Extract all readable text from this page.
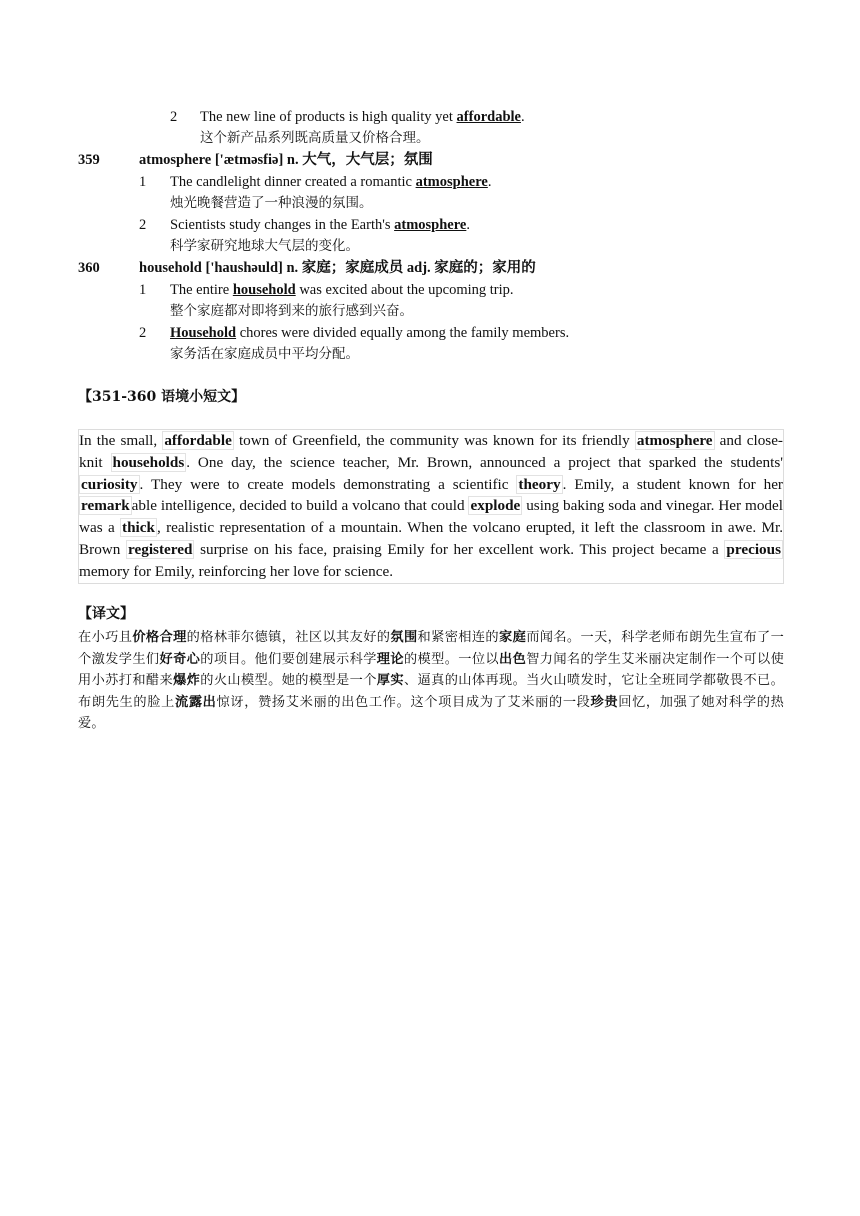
2 The new line of products is high quality yet affordable.
这个新产品系列既高质量又价格合理。
359	atmosphere ['ætməsfiə] n. 大气，大气层；氛围
1 The candlelight dinner created a romantic atmosphere.
烛光晚餐营造了一种浪漫的氛围。
2 Scientists study changes in the Earth's atmosphere.
科学家研究地球大气层的变化。
360	household ['haushəuld] n. 家庭；家庭成员 adj. 家庭的；家用的
1 The entire household was excited about the upcoming trip.
整个家庭都对即将到来的旅行感到兴奋。
2 Household chores were divided equally among the family members.
家务活在家庭成员中平均分配。
【351-360 语境小短文】
In the small, affordable town of Greenfield, the community was known for its friendly atmosphere and close-knit households . One day, the science teacher, Mr. Brown, announced a project that sparked the students' curiosity . They were to create models demonstrating a scientific theory . Emily, a student known for her remark able intelligence, decided to build a volcano that could explode using baking soda and vinegar. Her model was a thick , realistic representation of a mountain. When the volcano erupted, it left the classroom in awe. Mr. Brown registered surprise on his face, praising Emily for her excellent work. This project became a precious memory for Emily, reinforcing her love for science.
【译文】
在小巧且价格合理的格林菲尔德镇，社区以其友好的氛围和紧密相连的家庭而闻名。一天，科学老师布朗先生宣布了一个激发学生们好奇心的项目。他们要创建展示科学理论的模型。一位以出色智力闻名的学生艾米丽决定制作一个可以使用小苏打和醋来爆炸的火山模型。她的模型是一个厚实、逼真的山体再现。当火山喷发时，它让全班同学都敬畏不已。布朗先生的脸上流露出惊讶，赞扬艾米丽的出色工作。这个项目成为了艾米丽的一段珍贵回忆，加强了她对科学的热爱。
